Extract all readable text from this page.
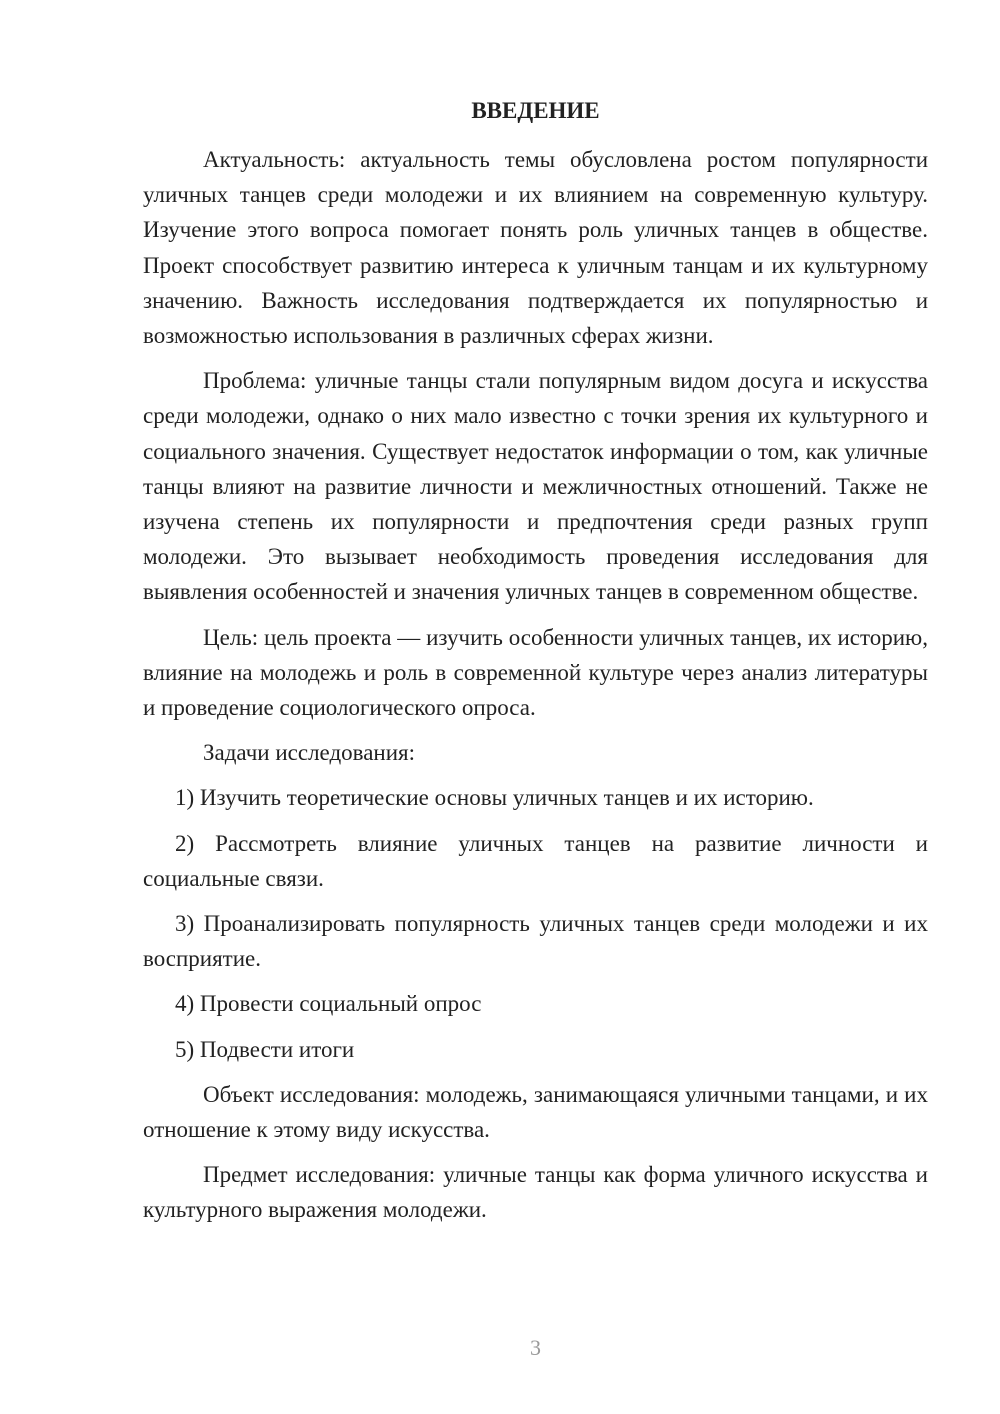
ВВЕДЕНИЕ

Актуальность: актуальность темы обусловлена ростом популярности уличных танцев среди молодежи и их влиянием на современную культуру. Изучение этого вопроса помогает понять роль уличных танцев в обществе. Проект способствует развитию интереса к уличным танцам и их культурному значению. Важность исследования подтверждается их популярностью и возможностью использования в различных сферах жизни.

Проблема: уличные танцы стали популярным видом досуга и искусства среди молодежи, однако о них мало известно с точки зрения их культурного и социального значения. Существует недостаток информации о том, как уличные танцы влияют на развитие личности и межличностных отношений. Также не изучена степень их популярности и предпочтения среди разных групп молодежи. Это вызывает необходимость проведения исследования для выявления особенностей и значения уличных танцев в современном обществе.

Цель: цель проекта — изучить особенности уличных танцев, их историю, влияние на молодежь и роль в современной культуре через анализ литературы и проведение социологического опроса.

Задачи исследования:

1) Изучить теоретические основы уличных танцев и их историю.

2) Рассмотреть влияние уличных танцев на развитие личности и социальные связи.

3) Проанализировать популярность уличных танцев среди молодежи и их восприятие.

4) Провести социальный опрос

5) Подвести итоги

Объект исследования: молодежь, занимающаяся уличными танцами, и их отношение к этому виду искусства.

Предмет исследования: уличные танцы как форма уличного искусства и культурного выражения молодежи.

3
